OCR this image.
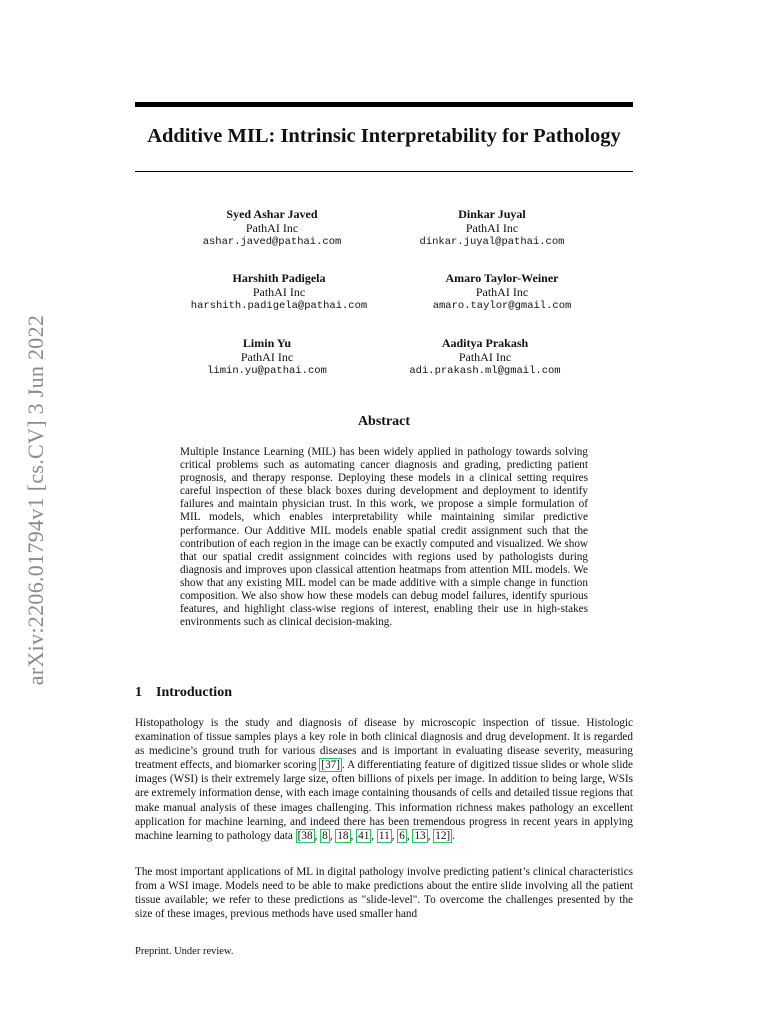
arXiv:2206.01794v1 [cs.CV] 3 Jun 2022
Additive MIL: Intrinsic Interpretability for Pathology
Syed Ashar Javed
PathAI Inc
ashar.javed@pathai.com
Dinkar Juyal
PathAI Inc
dinkar.juyal@pathai.com
Harshith Padigela
PathAI Inc
harshith.padigela@pathai.com
Amaro Taylor-Weiner
PathAI Inc
amaro.taylor@gmail.com
Limin Yu
PathAI Inc
limin.yu@pathai.com
Aaditya Prakash
PathAI Inc
adi.prakash.ml@gmail.com
Abstract

Multiple Instance Learning (MIL) has been widely applied in pathology towards solving critical problems such as automating cancer diagnosis and grading, predicting patient prognosis, and therapy response. Deploying these models in a clinical setting requires careful inspection of these black boxes during development and deployment to identify failures and maintain physician trust. In this work, we propose a simple formulation of MIL models, which enables interpretability while maintaining similar predictive performance. Our Additive MIL models enable spatial credit assignment such that the contribution of each region in the image can be exactly computed and visualized. We show that our spatial credit assignment coincides with regions used by pathologists during diagnosis and improves upon classical attention heatmaps from attention MIL models. We show that any existing MIL model can be made additive with a simple change in function composition. We also show how these models can debug model failures, identify spurious features, and highlight class-wise regions of interest, enabling their use in high-stakes environments such as clinical decision-making.

1 Introduction

Histopathology is the study and diagnosis of disease by microscopic inspection of tissue. Histologic examination of tissue samples plays a key role in both clinical diagnosis and drug development. It is regarded as medicine’s ground truth for various diseases and is important in evaluating disease severity, measuring treatment effects, and biomarker scoring [37] . A differentiating feature of digitized tissue slides or whole slide images (WSI) is their extremely large size, often billions of pixels per image. In addition to being large, WSIs are extremely information dense, with each image containing thousands of cells and detailed tissue regions that make manual analysis of these images challenging. This information richness makes pathology an excellent application for machine learning, and indeed there has been tremendous progress in recent years in applying machine learning to pathology data [38 , 8 , 18 , 41 , 11 , 6 , 13 , 12] .

The most important applications of ML in digital pathology involve predicting patient’s clinical characteristics from a WSI image. Models need to be able to make predictions about the entire slide involving all the patient tissue available; we refer to these predictions as "slide-level". To overcome the challenges presented by the size of these images, previous methods have used smaller hand

Preprint. Under review.
